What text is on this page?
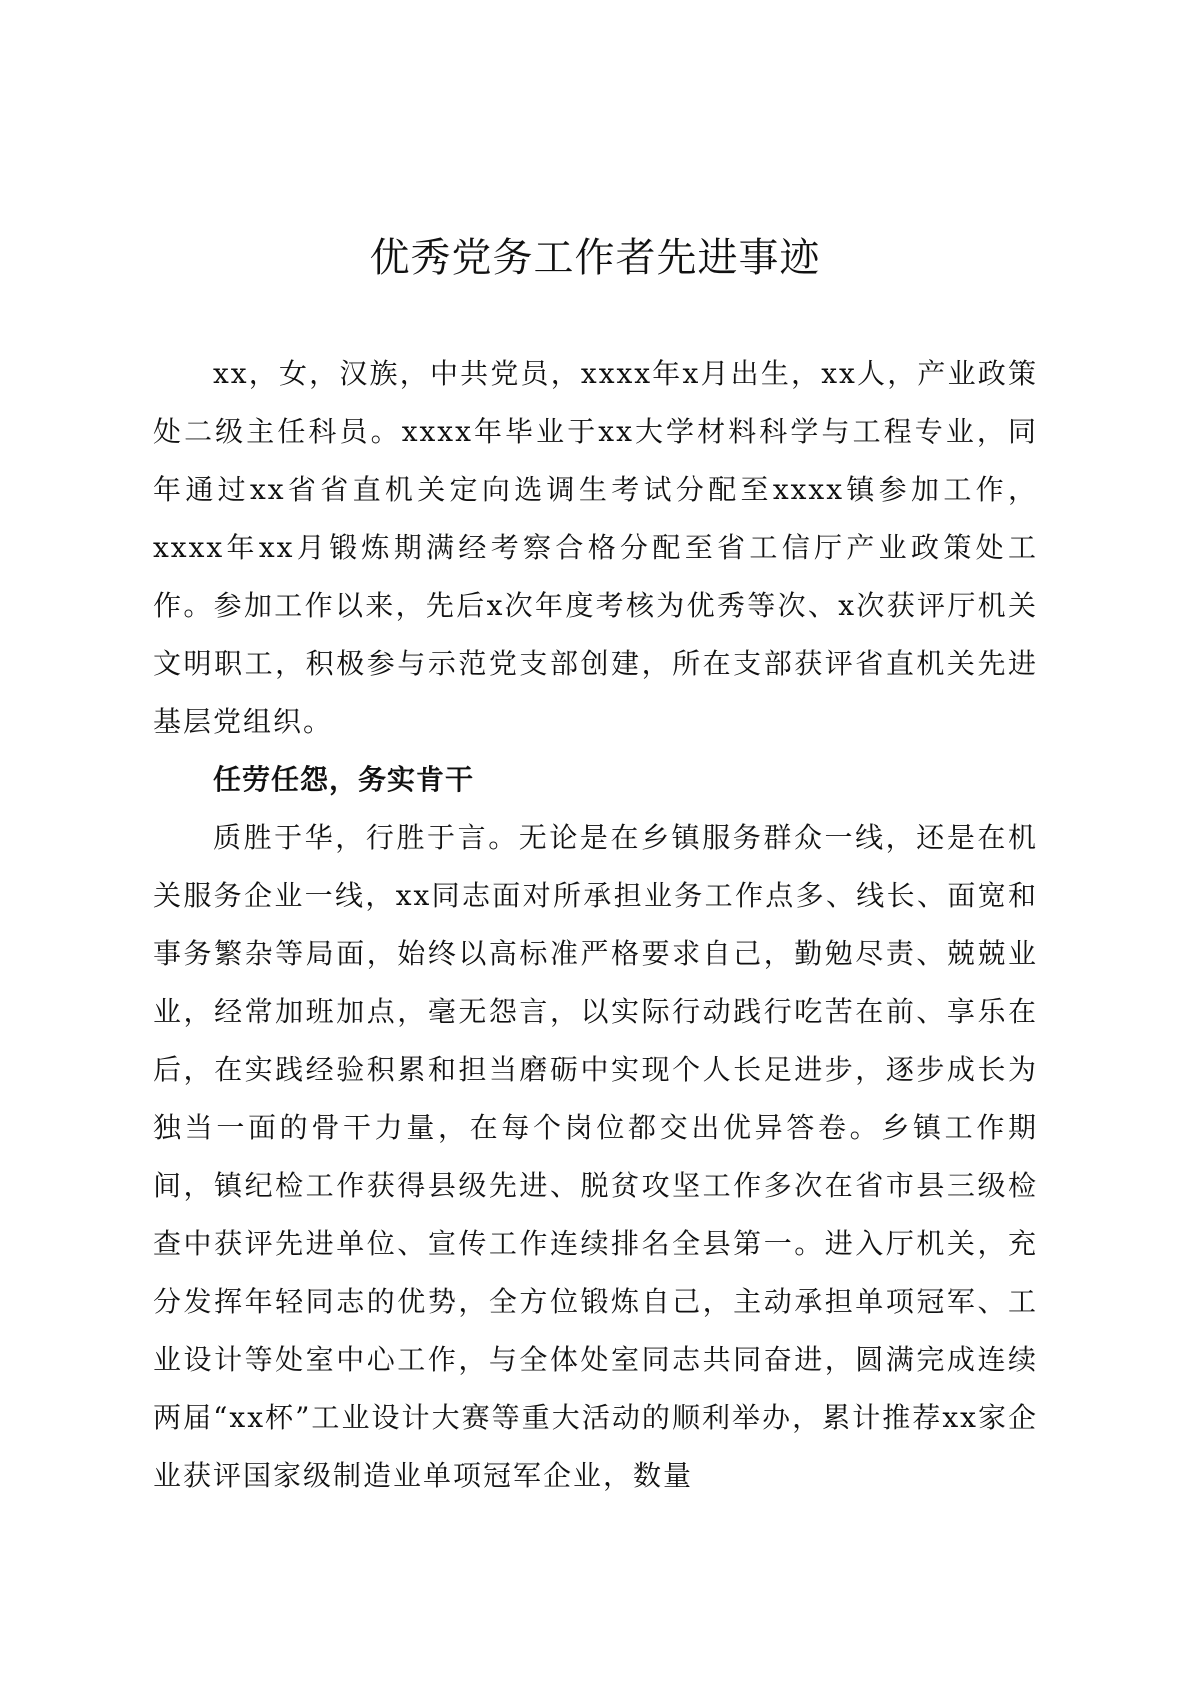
优秀党务工作者先进事迹

xx，女，汉族，中共党员，xxxx年x月出生，xx人，产业政策处二级主任科员。xxxx年毕业于xx大学材料科学与工程专业，同年通过xx省省直机关定向选调生考试分配至xxxx镇参加工作，xxxx年xx月锻炼期满经考察合格分配至省工信厅产业政策处工作。参加工作以来，先后x次年度考核为优秀等次、x次获评厅机关文明职工，积极参与示范党支部创建，所在支部获评省直机关先进基层党组织。

任劳任怨，务实肯干

质胜于华，行胜于言。无论是在乡镇服务群众一线，还是在机关服务企业一线，xx同志面对所承担业务工作点多、线长、面宽和事务繁杂等局面，始终以高标准严格要求自己，勤勉尽责、兢兢业业，经常加班加点，毫无怨言，以实际行动践行吃苦在前、享乐在后，在实践经验积累和担当磨砺中实现个人长足进步，逐步成长为独当一面的骨干力量，在每个岗位都交出优异答卷。乡镇工作期间，镇纪检工作获得县级先进、脱贫攻坚工作多次在省市县三级检查中获评先进单位、宣传工作连续排名全县第一。进入厅机关，充分发挥年轻同志的优势，全方位锻炼自己，主动承担单项冠军、工业设计等处室中心工作，与全体处室同志共同奋进，圆满完成连续两届“xx杯”工业设计大赛等重大活动的顺利举办，累计推荐xx家企业获评国家级制造业单项冠军企业，数量
